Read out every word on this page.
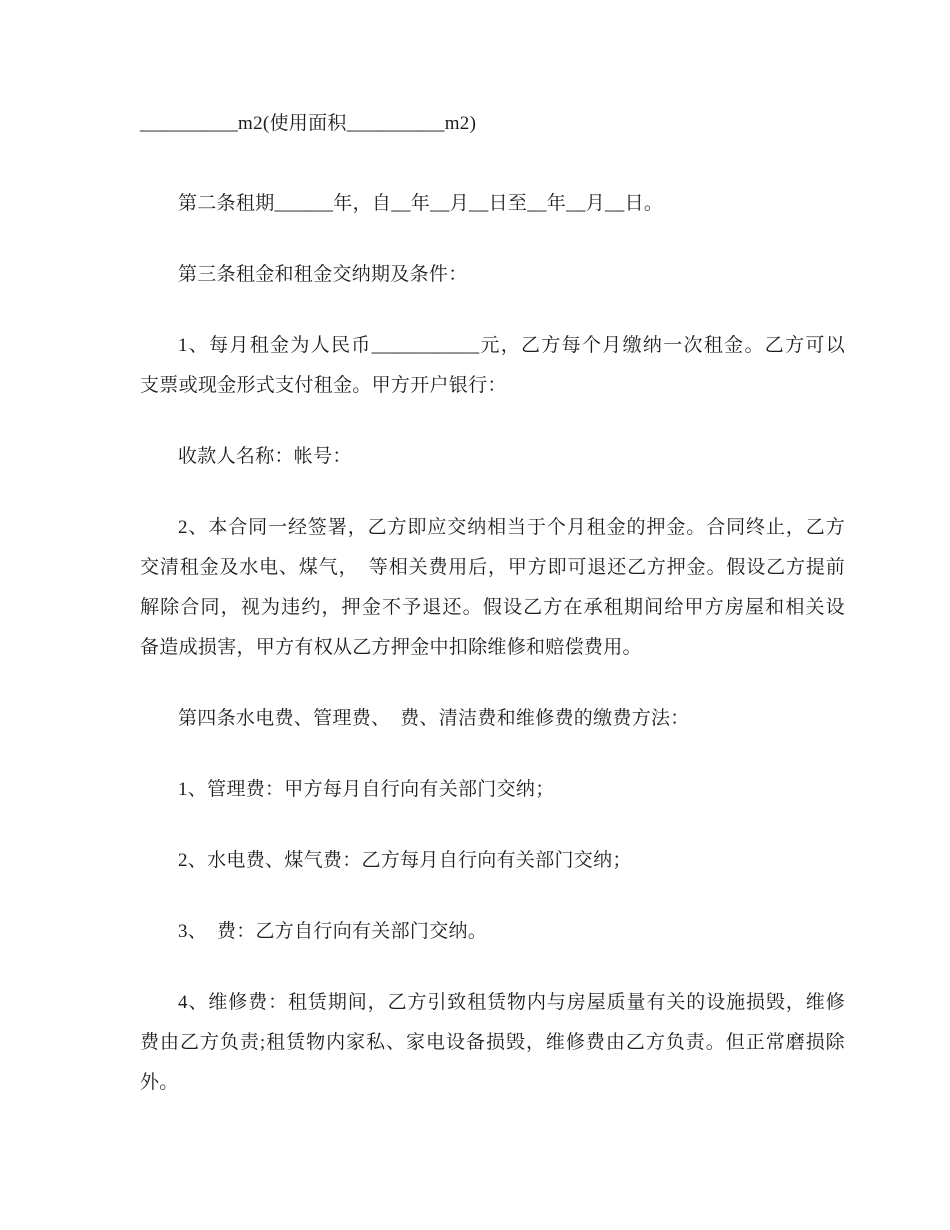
__________m2(使用面积__________m2)
第二条租期______年，自__年__月__日至__年__月__日。
第三条租金和租金交纳期及条件：
1、每月租金为人民币___________元，乙方每个月缴纳一次租金。乙方可以
支票或现金形式支付租金。甲方开户银行：
收款人名称：帐号：
2、本合同一经签署，乙方即应交纳相当于个月租金的押金。合同终止，乙方
交清租金及水电、煤气，　等相关费用后，甲方即可退还乙方押金。假设乙方提前
解除合同，视为违约，押金不予退还。假设乙方在承租期间给甲方房屋和相关设
备造成损害，甲方有权从乙方押金中扣除维修和赔偿费用。
第四条水电费、管理费、　费、清洁费和维修费的缴费方法：
1、管理费：甲方每月自行向有关部门交纳；
2、水电费、煤气费：乙方每月自行向有关部门交纳；
3、　费：乙方自行向有关部门交纳。
4、维修费：租赁期间，乙方引致租赁物内与房屋质量有关的设施损毁，维修
费由乙方负责;租赁物内家私、家电设备损毁，维修费由乙方负责。但正常磨损除
外。
